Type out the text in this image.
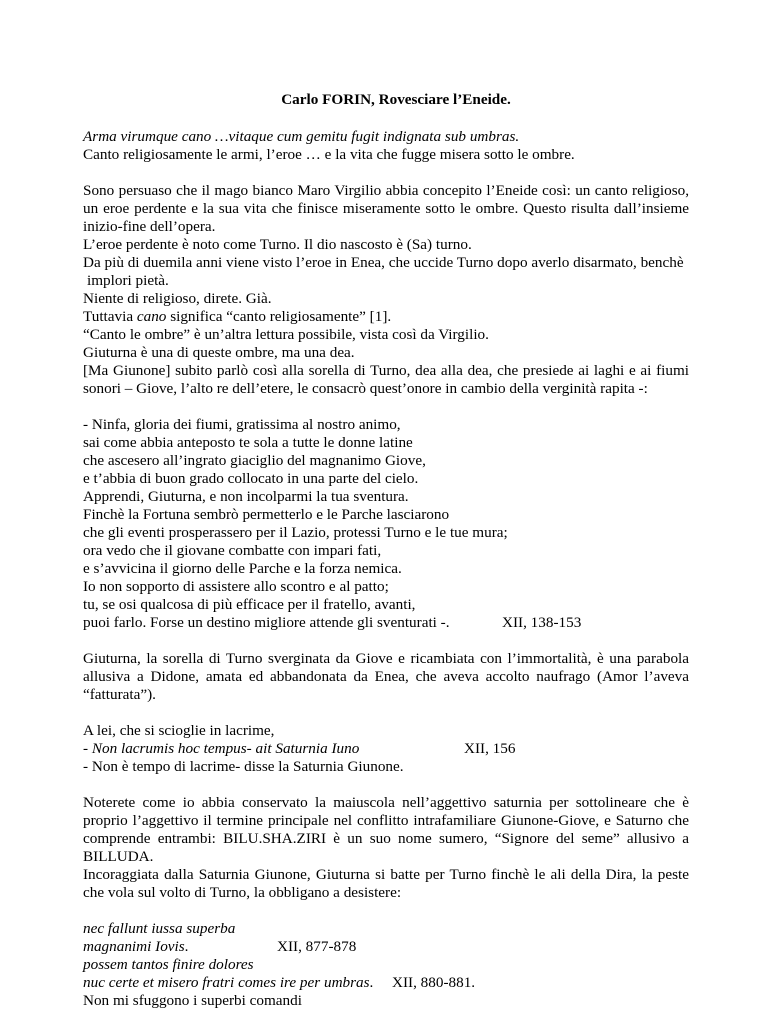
Carlo FORIN, Rovesciare l’Eneide.

Arma virumque cano …vitaque cum gemitu fugit indignata sub umbras.

Canto religiosamente le armi, l’eroe … e la vita che fugge misera sotto le ombre.

Sono persuaso che il mago bianco Maro Virgilio abbia concepito l’Eneide così: un canto religioso, un eroe perdente e la sua vita che finisce miseramente sotto le ombre. Questo risulta dall’insieme inizio-fine dell’opera.

L’eroe perdente è noto come Turno. Il dio nascosto è (Sa) turno.

Da più di duemila anni viene visto l’eroe in Enea, che uccide Turno dopo averlo disarmato, benchè

implori pietà.

Niente di religioso, direte. Già.

Tuttavia cano significa “canto religiosamente” [1].

“Canto le ombre” è un’altra lettura possibile, vista così da Virgilio.

Giuturna è una di queste ombre, ma una dea.

[Ma Giunone] subito parlò così alla sorella di Turno, dea alla dea, che presiede ai laghi e ai fiumi sonori – Giove, l’alto re dell’etere, le consacrò quest’onore in cambio della verginità rapita -:

- Ninfa, gloria dei fiumi, gratissima al nostro animo,

sai come abbia anteposto te sola a tutte le donne latine

che ascesero all’ingrato giaciglio del magnanimo Giove,

e t’abbia di buon grado collocato in una parte del cielo.

Apprendi, Giuturna, e non incolparmi la tua sventura.

Finchè la Fortuna sembrò permetterlo e le Parche lasciarono

che gli eventi prosperassero per il Lazio, protessi Turno e le tue mura;

ora vedo che il giovane combatte con impari fati,

e s’avvicina il giorno delle Parche e la forza nemica.

Io non sopporto di assistere allo scontro e al patto;

tu, se osi qualcosa di più efficace per il fratello, avanti,

puoi farlo. Forse un destino migliore attende gli sventurati -.	XII, 138-153

Giuturna, la sorella di Turno sverginata da Giove e ricambiata con l’immortalità, è una parabola allusiva a Didone, amata ed abbandonata da Enea, che aveva accolto naufrago (Amor l’aveva “fatturata”).

A lei, che si scioglie in lacrime,

- Non lacrumis hoc tempus- ait Saturnia Iuno	XII, 156

- Non è tempo di lacrime- disse la Saturnia Giunone.

Noterete come io abbia conservato la maiuscola nell’aggettivo saturnia per sottolineare che è proprio l’aggettivo il termine principale nel conflitto intrafamiliare Giunone-Giove, e Saturno che comprende entrambi: BILU.SHA.ZIRI è un suo nome sumero, “Signore del seme” allusivo a BILLUDA.

Incoraggiata dalla Saturnia Giunone, Giuturna si batte per Turno finchè le ali della Dira, la peste che vola sul volto di Turno, la obbligano a desistere:

nec fallunt iussa superba

magnanimi Iovis.	XII, 877-878

possem tantos finire dolores

nuc certe et misero fratri comes ire per umbras. XII, 880-881.

Non mi sfuggono i superbi comandi
